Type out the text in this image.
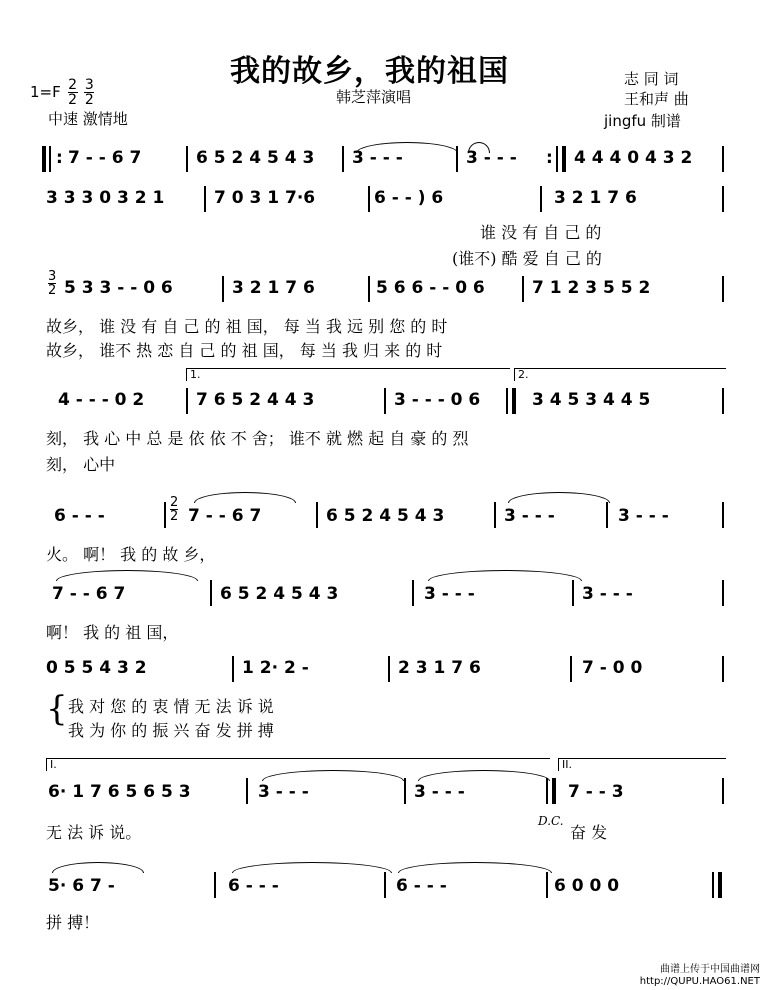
我的故乡，我的祖国
韩芝萍演唱
志 同 词
王和声 曲
jingfu 制谱
$1=F \frac{2}{2}$
$\frac{3}{2}$
中速 激情地
: 7 - - 6 7	6 5 2 4 5 4 3 3 - - -	3 - - - : 4 4 4 0 4 3 2
3 3 3 0 3 2 1	7 0 3 1 7·6	6 - - ) 6	3 2 1 7 6
谁 没 有 自 己 的
(谁不) 酷 爱 自 己 的
3
2 5 3 3 - - 0 6	3 2 1 7 6	5 6 6 - - 0 6	7 1 2 3 5 5 2
故乡， 谁 没 有 自 己 的 祖 国， 每 当 我 远 别 您 的 时
故乡， 谁不 热 恋 自 己 的 祖 国， 每 当 我 归 来 的 时
1.	2.
4 - - - 0 2	7 6 5 2 4 4 3	3 - - - 0 6	3 4 5 3 4 4 5
刻， 我 心 中 总 是 依 依 不 舍； 谁不 就 燃 起 自 豪 的 烈
刻， 心中
6 - - -
2
2 7 - - 6 7	6 5 2 4 5 4 3	3 - - -	3 - - -
火。 啊！ 我 的 故 乡，
7 - - 6 7	6 5 2 4 5 4 3	3 - - -	3 - - -
啊！ 我 的 祖 国，
0 5 5 4 3 2	1 2· 2 -	2 3 1 7 6	7 - 0 0
{ 我 对 您 的 衷 情 无 法 诉 说
我 为 你 的 振 兴 奋 发 拼 搏
I.	II.
6· 1 7 6 5 6 5 3	3 - - -	3 - - -	7 - - 3
无 法 诉 说。
D.C.
奋 发
5· 6 7 -	6 - - -	6 - - -	6 0 0 0
拼 搏！
曲谱上传于中国曲谱网
http://QUPU.HAO61.NET
